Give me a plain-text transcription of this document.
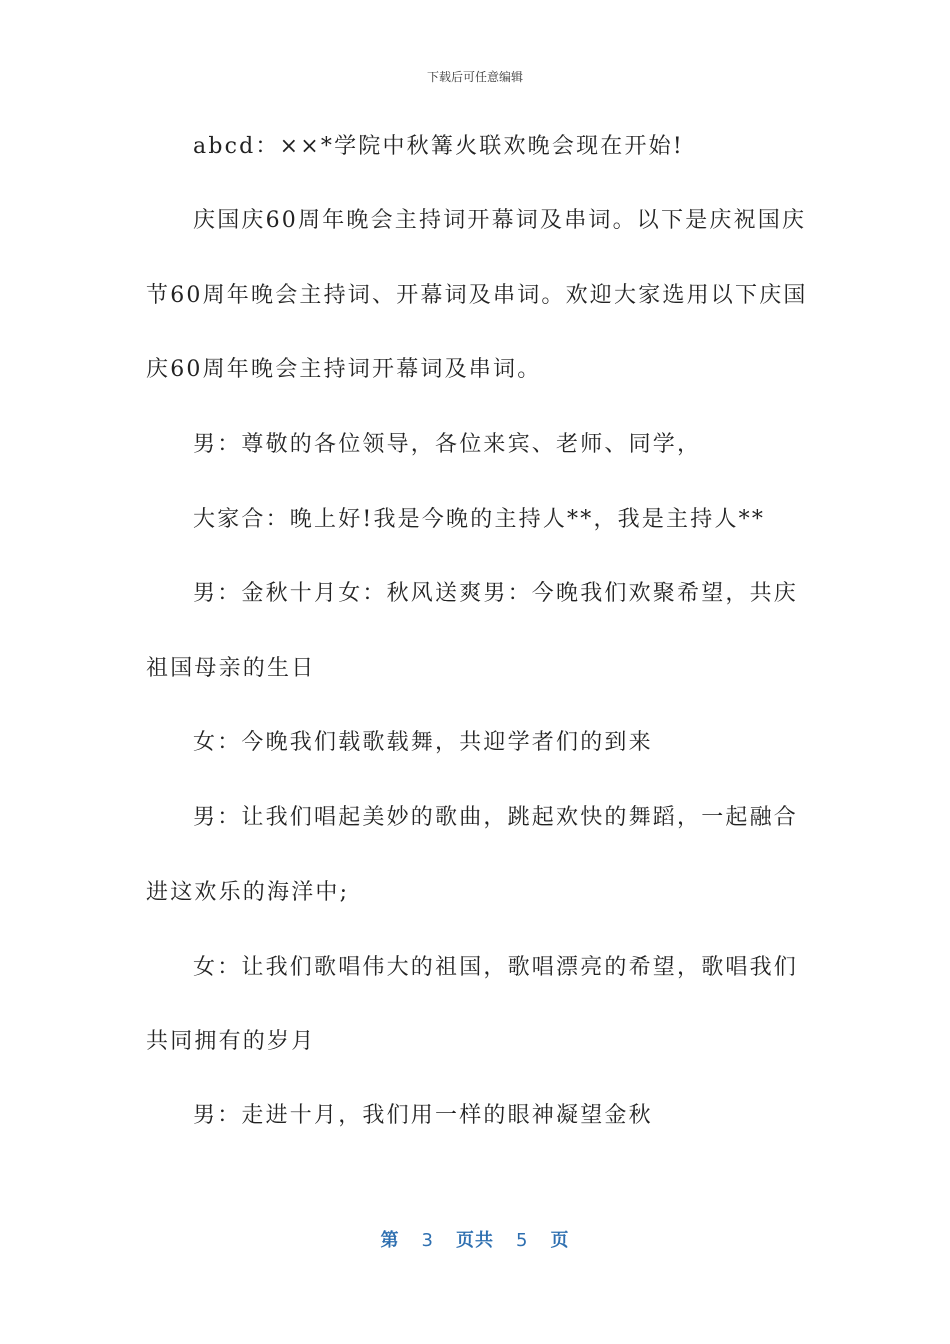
下载后可任意编辑
abcd：××*学院中秋篝火联欢晚会现在开始!
庆国庆60周年晚会主持词开幕词及串词。以下是庆祝国庆
节60周年晚会主持词、开幕词及串词。欢迎大家选用以下庆国
庆60周年晚会主持词开幕词及串词。
男：尊敬的各位领导，各位来宾、老师、同学，
大家合：晚上好!我是今晚的主持人**，我是主持人**
男：金秋十月女：秋风送爽男：今晚我们欢聚希望，共庆
祖国母亲的生日
女：今晚我们载歌载舞，共迎学者们的到来
男：让我们唱起美妙的歌曲，跳起欢快的舞蹈，一起融合
进这欢乐的海洋中;
女：让我们歌唱伟大的祖国，歌唱漂亮的希望，歌唱我们
共同拥有的岁月
男：走进十月，我们用一样的眼神凝望金秋
第 3 页共 5 页
